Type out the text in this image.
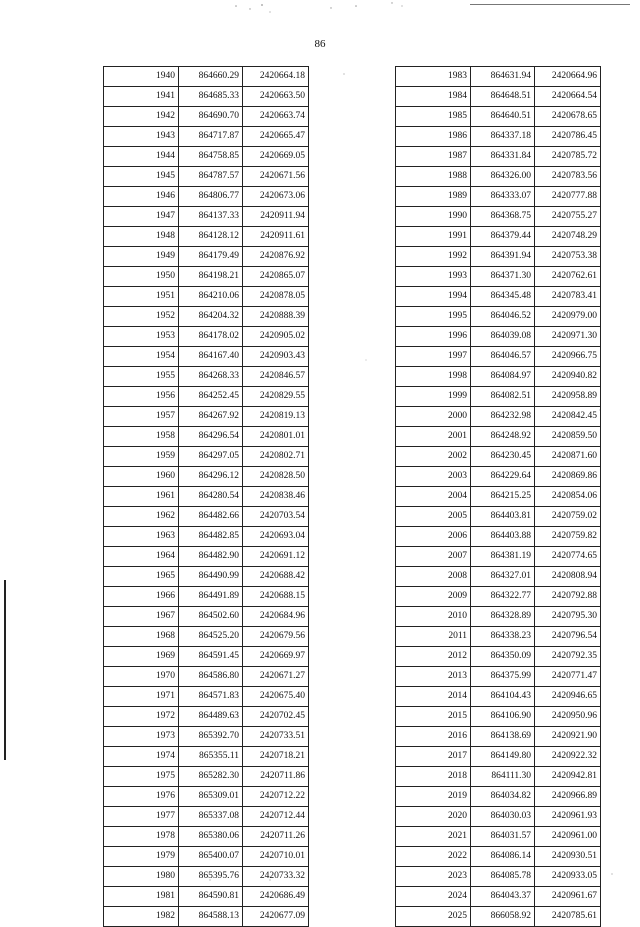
86
1940	864660.29	2420664.18
1941	864685.33	2420663.50
1942	864690.70	2420663.74
1943	864717.87	2420665.47
1944	864758.85	2420669.05
1945	864787.57	2420671.56
1946	864806.77	2420673.06
1947	864137.33	2420911.94
1948	864128.12	2420911.61
1949	864179.49	2420876.92
1950	864198.21	2420865.07
1951	864210.06	2420878.05
1952	864204.32	2420888.39
1953	864178.02	2420905.02
1954	864167.40	2420903.43
1955	864268.33	2420846.57
1956	864252.45	2420829.55
1957	864267.92	2420819.13
1958	864296.54	2420801.01
1959	864297.05	2420802.71
1960	864296.12	2420828.50
1961	864280.54	2420838.46
1962	864482.66	2420703.54
1963	864482.85	2420693.04
1964	864482.90	2420691.12
1965	864490.99	2420688.42
1966	864491.89	2420688.15
1967	864502.60	2420684.96
1968	864525.20	2420679.56
1969	864591.45	2420669.97
1970	864586.80	2420671.27
1971	864571.83	2420675.40
1972	864489.63	2420702.45
1973	865392.70	2420733.51
1974	865355.11	2420718.21
1975	865282.30	2420711.86
1976	865309.01	2420712.22
1977	865337.08	2420712.44
1978	865380.06	2420711.26
1979	865400.07	2420710.01
1980	865395.76	2420733.32
1981	864590.81	2420686.49
1982	864588.13	2420677.09
1983	864631.94	2420664.96
1984	864648.51	2420664.54
1985	864640.51	2420678.65
1986	864337.18	2420786.45
1987	864331.84	2420785.72
1988	864326.00	2420783.56
1989	864333.07	2420777.88
1990	864368.75	2420755.27
1991	864379.44	2420748.29
1992	864391.94	2420753.38
1993	864371.30	2420762.61
1994	864345.48	2420783.41
1995	864046.52	2420979.00
1996	864039.08	2420971.30
1997	864046.57	2420966.75
1998	864084.97	2420940.82
1999	864082.51	2420958.89
2000	864232.98	2420842.45
2001	864248.92	2420859.50
2002	864230.45	2420871.60
2003	864229.64	2420869.86
2004	864215.25	2420854.06
2005	864403.81	2420759.02
2006	864403.88	2420759.82
2007	864381.19	2420774.65
2008	864327.01	2420808.94
2009	864322.77	2420792.88
2010	864328.89	2420795.30
2011	864338.23	2420796.54
2012	864350.09	2420792.35
2013	864375.99	2420771.47
2014	864104.43	2420946.65
2015	864106.90	2420950.96
2016	864138.69	2420921.90
2017	864149.80	2420922.32
2018	864111.30	2420942.81
2019	864034.82	2420966.89
2020	864030.03	2420961.93
2021	864031.57	2420961.00
2022	864086.14	2420930.51
2023	864085.78	2420933.05
2024	864043.37	2420961.67
2025	866058.92	2420785.61
